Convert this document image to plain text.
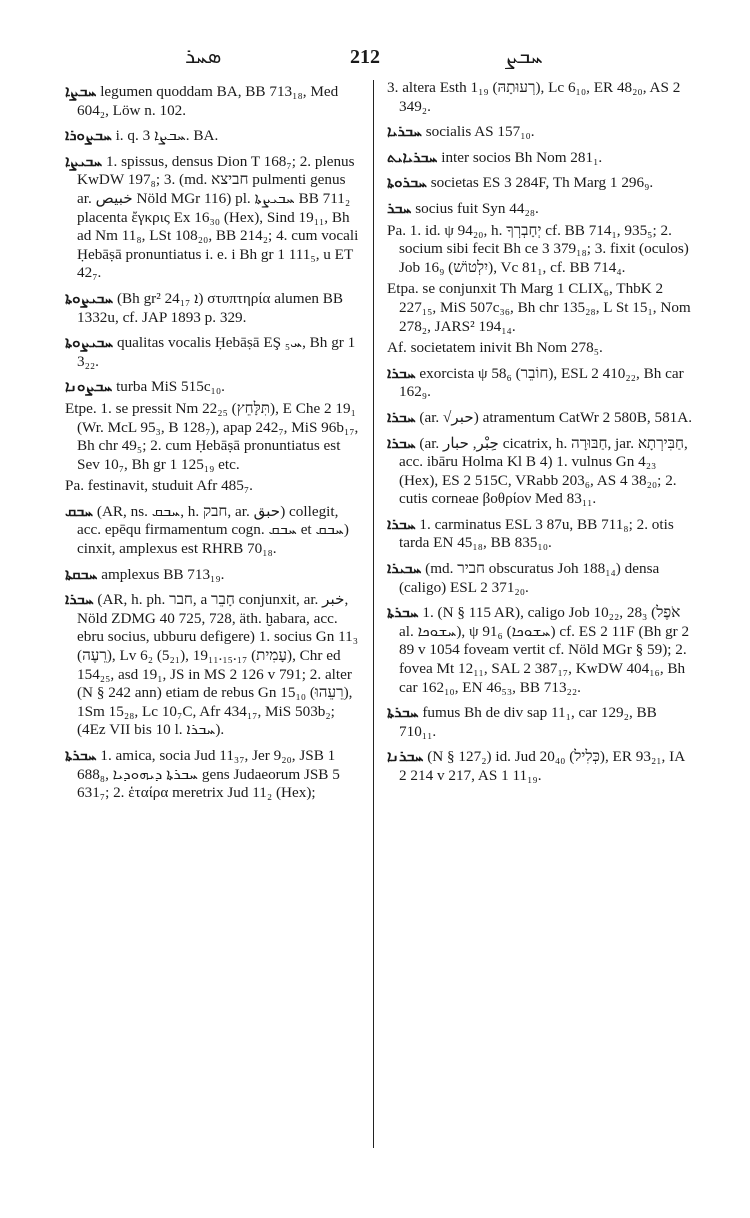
ܣܚܪ	212	ܚܒܨ

ܚܒܨܐ legumen quoddam BA, BB 713₁₈, Med 604₂, Löw n. 102.

ܚܒܨܘܪܐ i. q. ܚܒܨܐ 3. BA.

ܚܒܝܨܐ 1. spissus, densus Dion T 168₇; 2. plenus KwDW 197₈; 3. (md. חביצא pulmenti genus ar. خبيص Nöld MGr 116) pl. ܚܒܝܨܬܐ BB 711₂ placenta ἔγκρις Ex 16₃₀ (Hex), Sind 19₁₁, Bh ad Nm 11₈, LSt 108₂₀, BB 214₂; 4. cum vocali Ḥebāṣā pronuntiatus i. e. i Bh gr 1 111₅, u ET 42₇.

ܚܒܝܨܘܬܐ (Bh gr² 24₁₇ ܐ) στυπτηρία alumen BB 1332u, cf. JAP 1893 p. 329.

ܚܒܝܨܘܬܐ qualitas vocalis Ḥebāṣā EŞ ܚ₅, Bh gr 1 3₂₂.

ܚܒܨܘܢܐ turba MiS 515c₁₀.

Etpe. 1. se pressit Nm 22₂₅ (תִּלָּחֵץ), E Che 2 19₁ (Wr. McL 95₃, B 128₇), apap 242₇, MiS 96b₁₇, Bh chr 49₅; 2. cum Ḥebāṣā pronuntiatus est Sev 10₇, Bh gr 1 125₁₉ etc.

Pa. festinavit, studuit Afr 485₇.

ܚܒܩ (AR, ns. ܚܒܩ, h. חבק, ar. حبق) collegit, acc. epēqu firmamentum cogn. ܚܒܩ et ܚܒܩ) cinxit, amplexus est RHRB 70₁₈.

ܚܒܩܬܐ amplexus BB 713₁₉.

ܚܒܪܐ (AR, h. ph. חבר, a חָבֵר conjunxit, ar. خبر, Nöld ZDMG 40 725, 728, äth. ḫabara, acc. ebru socius, ubburu defigere) 1. socius Gn 11₃ (רֵעֶה), Lv 6₂ (5₂₁), 19₁₁.₁₅.₁₇ (עָמִית), Chr ed 154₂₅, asd 19₁, JS in MS 2 126 v 791; 2. alter (N § 242 ann) etiam de rebus Gn 15₁₀ (רֵעֵהוּ), 1Sm 15₂₈, Lc 10₇C, Afr 434₁₇, MiS 503b₂; (4Ez VII bis 10 l. ܚܒܪܐ).

ܚܒܪܬܐ 1. amica, socia Jud 11₃₇, Jer 9₂₀, JSB 1 688₈, ܚܒܪܬܐ ܕܝܗܘܕܝܐ gens Judaeorum JSB 5 631₇; 2. ἑταίρα meretrix Jud 11₂ (Hex);

3. altera Esth 1₁₉ (רְעוּתָהּ), Lc 6₁₀, ER 48₂₀, AS 2 349₂.

ܚܒܪܝܐ socialis AS 157₁₀.

ܚܒܪܝܐܝܬ inter socios Bh Nom 281₁.

ܚܒܪܘܬܐ societas ES 3 284F, Th Marg 1 296₉.

ܚܒܪ socius fuit Syn 44₂₈.

Pa. 1. id. ψ 94₂₀, h. יְחָבְרְךָ cf. BB 714₁, 935₅; 2. socium sibi fecit Bh ce 3 379₁₈; 3. fixit (oculos) Job 16₉ (יִלְטוֹשׁ), Vc 81₁, cf. BB 714₄.

Etpa. se conjunxit Th Marg 1 CLIX₆, ThbK 2 227₁₅, MiS 507c₃₆, Bh chr 135₂₈, L St 15₁, Nom 278₂, JARS² 194₁₄.

Af. societatem inivit Bh Nom 278₅.

ܚܒܪܐ exorcista ψ 58₆ (חוֹבֵר), ESL 2 410₂₂, Bh car 162₉.

ܚܒܪܐ (ar. √حبر) atramentum CatWr 2 580B, 581A.

ܚܒܪܐ (ar. حِبْر, حبار cicatrix, h. חַבּוּרָה, jar. חַבִּירְתָא, acc. ibāru Holma Kl B 4) 1. vulnus Gn 4₂₃ (Hex), ES 2 515C, VRabb 203₆, AS 4 38₂₀; 2. cutis corneae βοθρίον Med 83₁₁.

ܚܒܪܐ 1. carminatus ESL 3 87u, BB 711₈; 2. otis tarda EN 45₁₈, BB 835₁₀.

ܚܒܝܪܐ (md. חביר obscuratus Joh 188₁₄) densa (caligo) ESL 2 371₂₀.

ܚܒܪܬܐ 1. (N § 115 AR), caligo Job 10₂₂, 28₃ (אֹפֶל al. ܚܫܘܟܐ), ψ 91₆ (ܚܫܘܟܐ) cf. ES 2 11F (Bh gr 2 89 v 1054 foveam vertit cf. Nöld MGr § 59); 2. fovea Mt 12₁₁, SAL 2 387₁₇, KwDW 404₁₆, Bh car 162₁₀, EN 46₅₃, BB 713₂₂.

ܚܒܪܬܐ fumus Bh de div sap 11₁, car 129₂, BB 710₁₁.

ܚܒܪܢܐ (N § 127₂) id. Jud 20₄₀ (כְּלִיל), ER 93₂₁, IA 2 214 v 217, AS 1 11₁₉.
